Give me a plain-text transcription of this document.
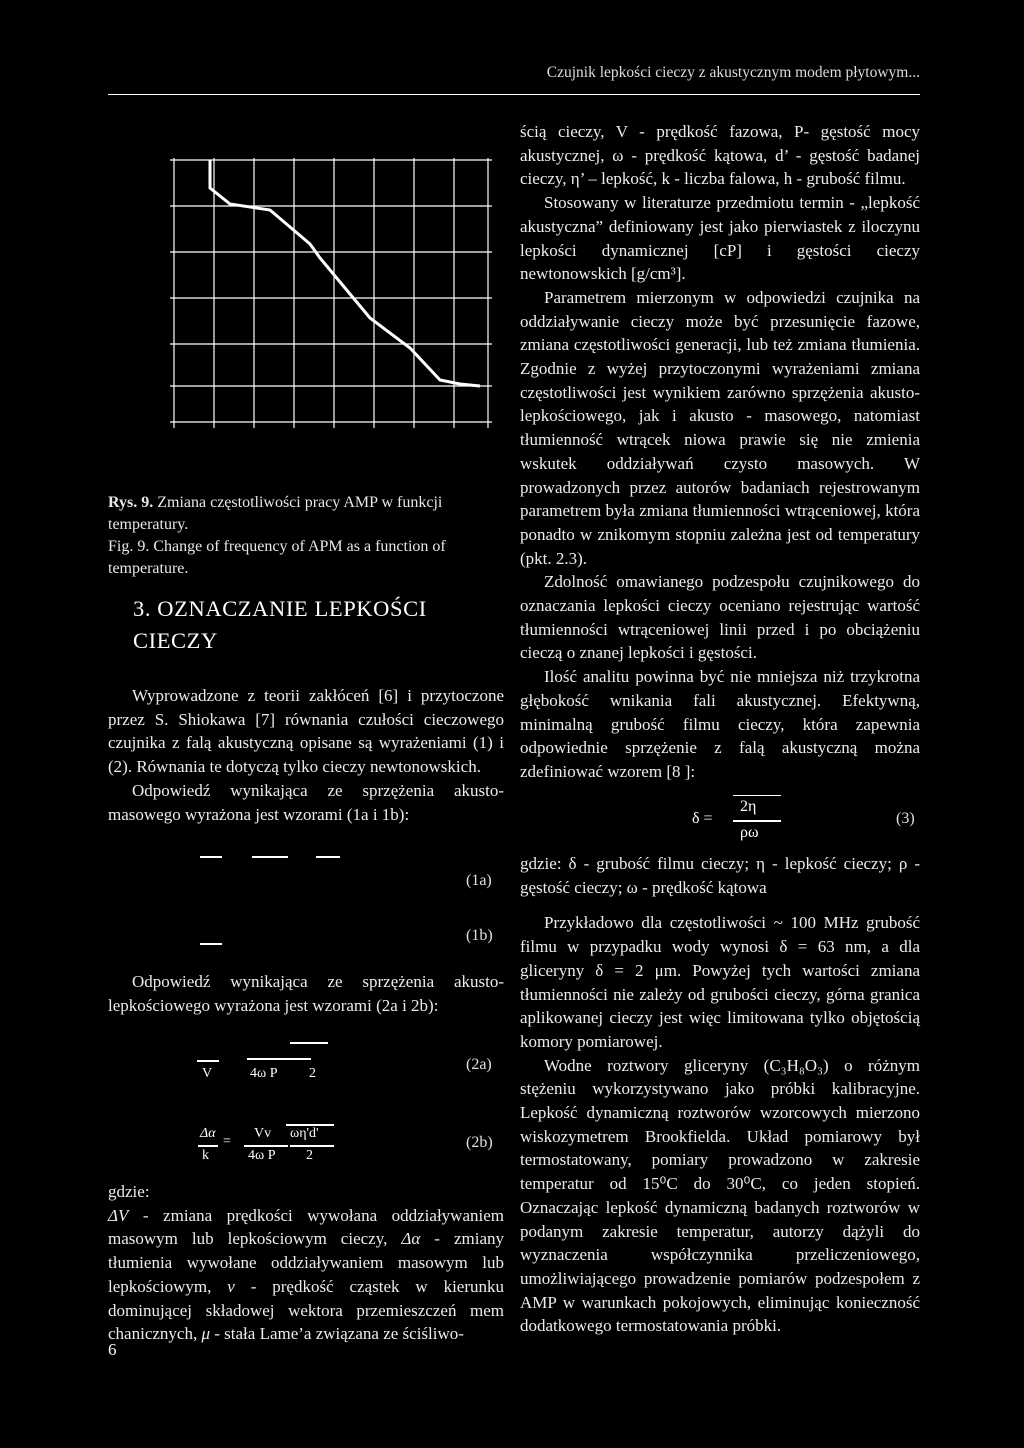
Czujnik lepkości cieczy z akustycznym modem płytowym...
Rys. 9. Zmiana częstotliwości pracy AMP w funkcji temperatury.
Fig. 9. Change of frequency of APM as a function of temperature.
3. OZNACZANIE LEPKOŚCI
CIECZY

Wyprowadzone z teorii zakłóceń [6] i przytoczone przez S. Shiokawa [7] równania czułości cieczowego czujnika z falą akustyczną opisane są wyrażeniami (1) i (2). Równania te dotyczą tylko cieczy newtonowskich.

Odpowiedź wynikająca ze sprzężenia akusto-masowego wyrażona jest wzorami (1a i 1b):

(1a)
(1b)

Odpowiedź wynikająca ze sprzężenia akusto-lepkościowego wyrażona jest wzorami (2a i 2b):

V	4ω P 2
(2a)
Δα
k
=
Vv
4ω P
ωη'd'
2
(2b)

gdzie:

ΔV - zmiana prędkości wywołana oddziaływaniem masowym lub lepkościowym cieczy, Δα - zmiany tłumienia wywołane oddziaływaniem masowym lub lepkościowym, v - prędkość cząstek w kierunku dominującej składowej wektora przemieszczeń mem chanicznych, μ - stała Lame’a związana ze ściśliwo-

6

ścią cieczy, V - prędkość fazowa, P- gęstość mocy akustycznej, ω - prędkość kątowa, d’ - gęstość badanej cieczy, η’ – lepkość, k - liczba falowa, h - grubość filmu.

Stosowany w literaturze przedmiotu termin - „lepkość akustyczna” definiowany jest jako pierwiastek z iloczynu lepkości dynamicznej [cP] i gęstości cieczy newtonowskich [g/cm³].

Parametrem mierzonym w odpowiedzi czujnika na oddziaływanie cieczy może być przesunięcie fazowe, zmiana częstotliwości generacji, lub też zmiana tłumienia. Zgodnie z wyżej przytoczonymi wyrażeniami zmiana częstotliwości jest wynikiem zarówno sprzężenia akusto-lepkościowego, jak i akusto - masowego, natomiast tłumienność wtrącek niowa prawie się nie zmienia wskutek oddziaływań czysto masowych. W prowadzonych przez autorów badaniach rejestrowanym parametrem była zmiana tłumienności wtrąceniowej, która ponadto w znikomym stopniu zależna jest od temperatury (pkt. 2.3).

Zdolność omawianego podzespołu czujnikowego do oznaczania lepkości cieczy oceniano rejestrując wartość tłumienności wtrąceniowej linii przed i po obciążeniu cieczą o znanej lepkości i gęstości.

Ilość analitu powinna być nie mniejsza niż trzykrotna głębokość wnikania fali akustycznej. Efektywną, minimalną grubość filmu cieczy, która zapewnia odpowiednie sprzężenie z falą akustyczną można zdefiniować wzorem [8 ]:

δ =
2η
ρω
(3)

gdzie: δ - grubość filmu cieczy; η - lepkość cieczy; ρ - gęstość cieczy; ω - prędkość kątowa

Przykładowo dla częstotliwości ~ 100 MHz grubość filmu w przypadku wody wynosi δ = 63 nm, a dla gliceryny δ = 2 μm. Powyżej tych wartości zmiana tłumienności nie zależy od grubości cieczy, górna granica aplikowanej cieczy jest więc limitowana tylko objętością komory pomiarowej.

Wodne roztwory gliceryny (C₃H₈O₃) o różnym stężeniu wykorzystywano jako próbki kalibracyjne. Lepkość dynamiczną roztworów wzorcowych mierzono wiskozymetrem Brookfielda. Układ pomiarowy był termostatowany, pomiary prowadzono w zakresie temperatur od 15⁰C do 30⁰C, co jeden stopień. Oznaczając lepkość dynamiczną badanych roztworów w podanym zakresie temperatur, autorzy dążyli do wyznaczenia współczynnika przeliczeniowego, umożliwiającego prowadzenie pomiarów podzespołem z AMP w warunkach pokojowych, eliminując konieczność dodatkowego termostatowania próbki.
